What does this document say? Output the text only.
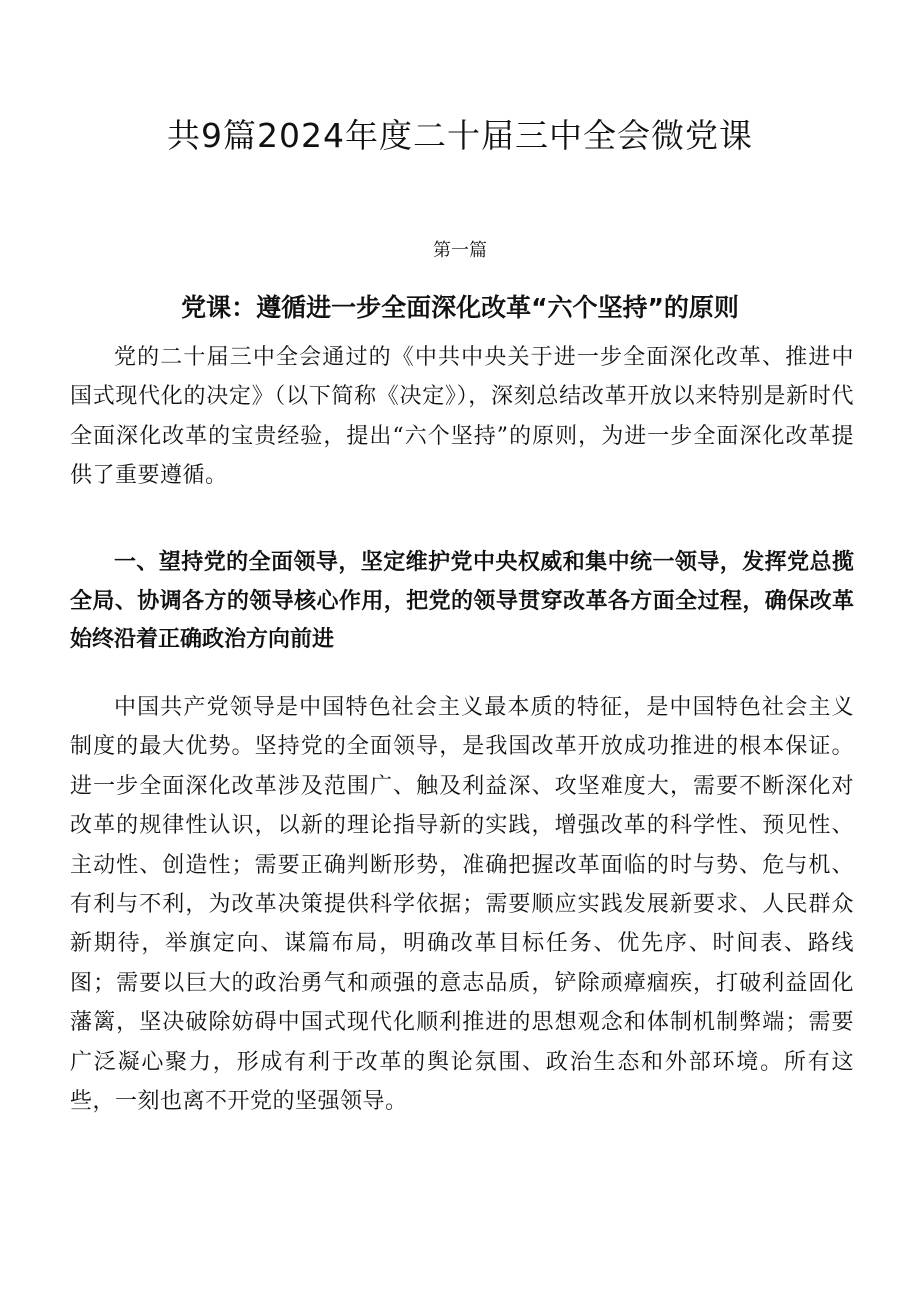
共9篇2024年度二十届三中全会微党课
第一篇
党课：遵循进一步全面深化改革“六个坚持”的原则

党的二十届三中全会通过的《中共中央关于进一步全面深化改革、推进中国式现代化的决定》（以下简称《决定》），深刻总结改革开放以来特别是新时代全面深化改革的宝贵经验，提出“六个坚持”的原则，为进一步全面深化改革提供了重要遵循。

一、望持党的全面领导，坚定维护党中央权威和集中统一领导，发挥党总揽全局、协调各方的领导核心作用，把党的领导贯穿改革各方面全过程，确保改革始终沿着正确政治方向前进

中国共产党领导是中国特色社会主义最本质的特征，是中国特色社会主义制度的最大优势。坚持党的全面领导，是我国改革开放成功推进的根本保证。进一步全面深化改革涉及范围广、触及利益深、攻坚难度大，需要不断深化对改革的规律性认识，以新的理论指导新的实践，增强改革的科学性、预见性、主动性、创造性；需要正确判断形势，准确把握改革面临的时与势、危与机、有利与不利，为改革决策提供科学依据；需要顺应实践发展新要求、人民群众新期待，举旗定向、谋篇布局，明确改革目标任务、优先序、时间表、路线图；需要以巨大的政治勇气和顽强的意志品质，铲除顽瘴痼疾，打破利益固化藩篱，坚决破除妨碍中国式现代化顺利推进的思想观念和体制机制弊端；需要广泛凝心聚力，形成有利于改革的舆论氛围、政治生态和外部环境。所有这些，一刻也离不开党的坚强领导。
